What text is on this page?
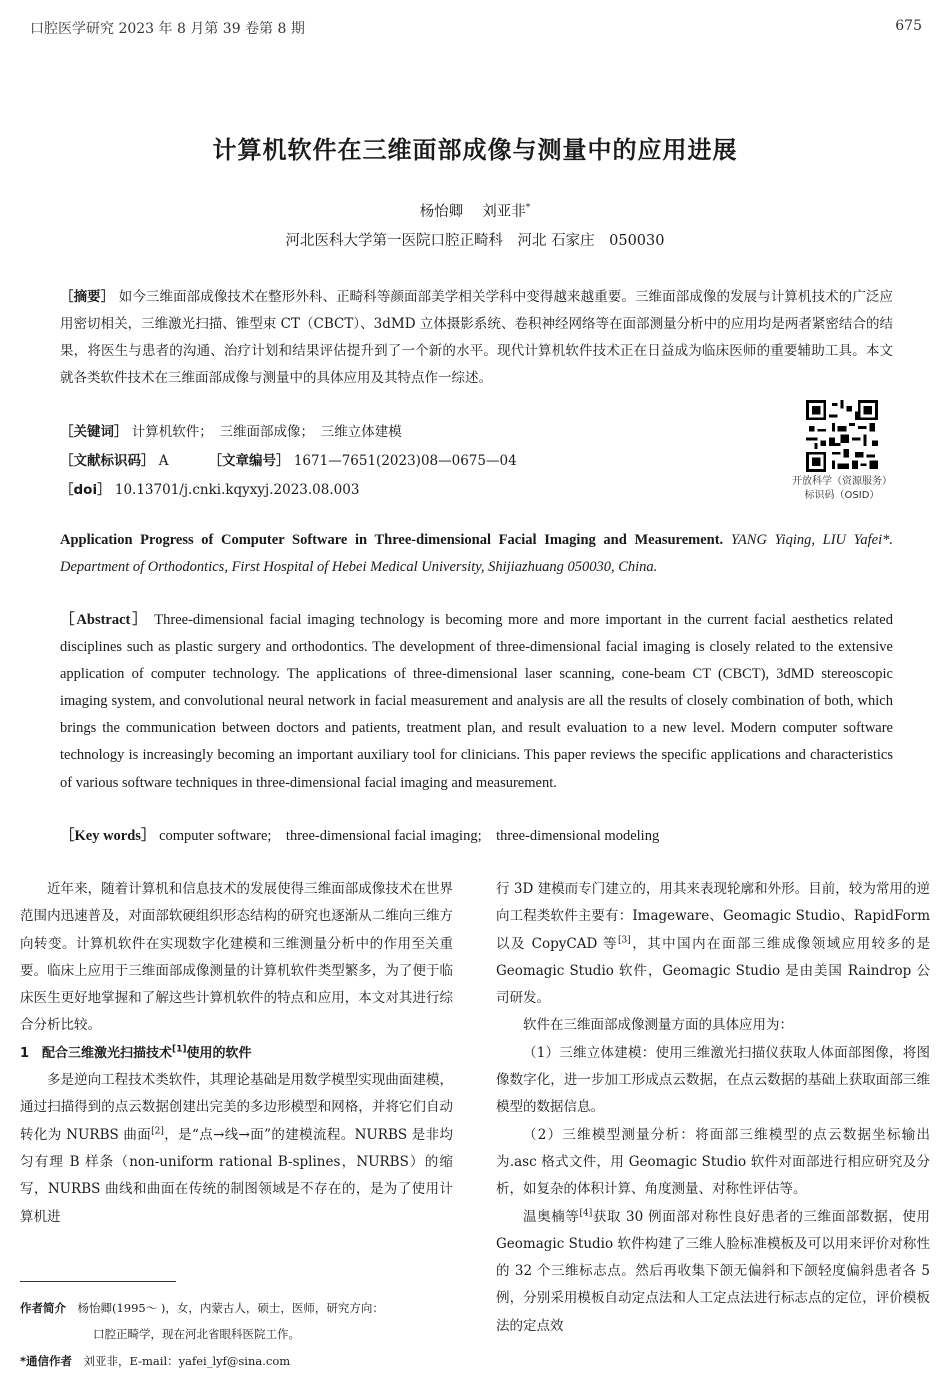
口腔医学研究 2023 年 8 月第 39 卷第 8 期	675
计算机软件在三维面部成像与测量中的应用进展
杨怡卿　 刘亚非*
河北医科大学第一医院口腔正畸科　河北 石家庄　050030

［摘要］ 如今三维面部成像技术在整形外科、正畸科等颜面部美学相关学科中变得越来越重要。三维面部成像的发展与计算机技术的广泛应用密切相关，三维激光扫描、锥型束 CT（CBCT）、3dMD 立体摄影系统、卷积神经网络等在面部测量分析中的应用均是两者紧密结合的结果，将医生与患者的沟通、治疗计划和结果评估提升到了一个新的水平。现代计算机软件技术正在日益成为临床医师的重要辅助工具。本文就各类软件技术在三维面部成像与测量中的具体应用及其特点作一综述。

［关键词］ 计算机软件；　三维面部成像；　三维立体建模

［文献标识码］ A	［文章编号］ 1671—7651(2023)08—0675—04

［doi］ 10.13701/j.cnki.kqyxyj.2023.08.003

开放科学（资源服务）
标识码（OSID）
Application Progress of Computer Software in Three-dimensional Facial Imaging and Measurement. YANG Yiqing, LIU Yafei*. Department of Orthodontics, First Hospital of Hebei Medical University, Shijiazhuang 050030, China.
［Abstract］ Three-dimensional facial imaging technology is becoming more and more important in the current facial aesthetics related disciplines such as plastic surgery and orthodontics. The development of three-dimensional facial imaging is closely related to the extensive application of computer technology. The applications of three-dimensional laser scanning, cone-beam CT (CBCT), 3dMD stereoscopic imaging system, and convolutional neural network in facial measurement and analysis are all the results of closely combination of both, which brings the communication between doctors and patients, treatment plan, and result evaluation to a new level. Modern computer software technology is increasingly becoming an important auxiliary tool for clinicians. This paper reviews the specific applications and characteristics of various software techniques in three-dimensional facial imaging and measurement.
［Key words］ computer software;　three-dimensional facial imaging;　three-dimensional modeling

近年来，随着计算机和信息技术的发展使得三维面部成像技术在世界范围内迅速普及，对面部软硬组织形态结构的研究也逐渐从二维向三维方向转变。计算机软件在实现数字化建模和三维测量分析中的作用至关重要。临床上应用于三维面部成像测量的计算机软件类型繁多，为了便于临床医生更好地掌握和了解这些计算机软件的特点和应用，本文对其进行综合分析比较。

1　配合三维激光扫描技术[1]使用的软件

多是逆向工程技术类软件，其理论基础是用数学模型实现曲面建模，通过扫描得到的点云数据创建出完美的多边形模型和网格，并将它们自动转化为 NURBS 曲面[2]，是“点→线→面”的建模流程。NURBS 是非均匀有理 B 样条（non-uniform rational B-splines，NURBS）的缩写，NURBS 曲线和曲面在传统的制图领域是不存在的，是为了使用计算机进

行 3D 建模而专门建立的，用其来表现轮廓和外形。目前，较为常用的逆向工程类软件主要有：Imageware、Geomagic Studio、RapidForm 以及 CopyCAD 等[3]，其中国内在面部三维成像领域应用较多的是 Geomagic Studio 软件，Geomagic Studio 是由美国 Raindrop 公司研发。

软件在三维面部成像测量方面的具体应用为：

（1）三维立体建模：使用三维激光扫描仪获取人体面部图像，将图像数字化，进一步加工形成点云数据，在点云数据的基础上获取面部三维模型的数据信息。

（2）三维模型测量分析：将面部三维模型的点云数据坐标输出为.asc 格式文件，用 Geomagic Studio 软件对面部进行相应研究及分析，如复杂的体积计算、角度测量、对称性评估等。

温奥楠等[4]获取 30 例面部对称性良好患者的三维面部数据，使用 Geomagic Studio 软件构建了三维人脸标准模板及可以用来评价对称性的 32 个三维标志点。然后再收集下颌无偏斜和下颌轻度偏斜患者各 5 例，分别采用模板自动定点法和人工定点法进行标志点的定位，评价模板法的定点效

作者简介　 杨怡卿(1995～ )，女，内蒙古人，硕士，医师，研究方向：
口腔正畸学，现在河北省眼科医院工作。
*通信作者　 刘亚非，E-mail：yafei_lyf@sina.com
